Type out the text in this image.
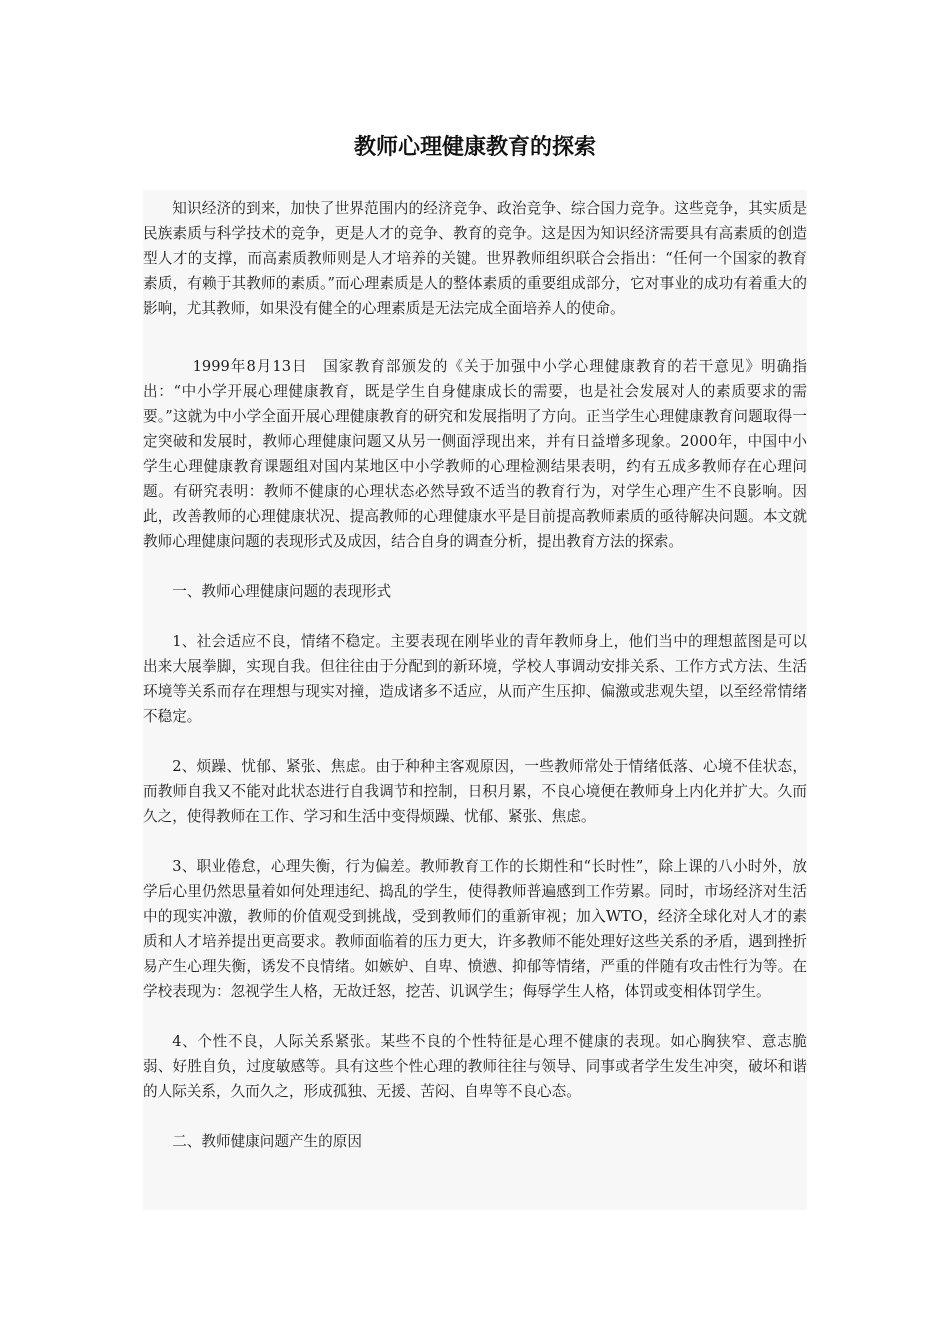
教师心理健康教育的探索

知识经济的到来，加快了世界范围内的经济竞争、政治竞争、综合国力竞争。这些竞争，其实质是民族素质与科学技术的竞争，更是人才的竞争、教育的竞争。这是因为知识经济需要具有高素质的创造型人才的支撑，而高素质教师则是人才培养的关键。世界教师组织联合会指出：“任何一个国家的教育素质，有赖于其教师的素质。”而心理素质是人的整体素质的重要组成部分，它对事业的成功有着重大的影响，尤其教师，如果没有健全的心理素质是无法完成全面培养人的使命。

1999年8月13日　国家教育部颁发的《关于加强中小学心理健康教育的若干意见》明确指出：“中小学开展心理健康教育，既是学生自身健康成长的需要，也是社会发展对人的素质要求的需要。”这就为中小学全面开展心理健康教育的研究和发展指明了方向。正当学生心理健康教育问题取得一定突破和发展时，教师心理健康问题又从另一侧面浮现出来，并有日益增多现象。2000年，中国中小学生心理健康教育课题组对国内某地区中小学教师的心理检测结果表明，约有五成多教师存在心理问题。有研究表明：教师不健康的心理状态必然导致不适当的教育行为，对学生心理产生不良影响。因此，改善教师的心理健康状况、提高教师的心理健康水平是目前提高教师素质的亟待解决问题。本文就教师心理健康问题的表现形式及成因，结合自身的调查分析，提出教育方法的探索。

一、教师心理健康问题的表现形式

1、社会适应不良，情绪不稳定。主要表现在刚毕业的青年教师身上，他们当中的理想蓝图是可以出来大展拳脚，实现自我。但往往由于分配到的新环境，学校人事调动安排关系、工作方式方法、生活环境等关系而存在理想与现实对撞，造成诸多不适应，从而产生压抑、偏激或悲观失望，以至经常情绪不稳定。

2、烦躁、忧郁、紧张、焦虑。由于种种主客观原因，一些教师常处于情绪低落、心境不佳状态，而教师自我又不能对此状态进行自我调节和控制，日积月累，不良心境便在教师身上内化并扩大。久而久之，使得教师在工作、学习和生活中变得烦躁、忧郁、紧张、焦虑。

3、职业倦怠，心理失衡，行为偏差。教师教育工作的长期性和“长时性”，除上课的八小时外，放学后心里仍然思量着如何处理违纪、捣乱的学生，使得教师普遍感到工作劳累。同时，市场经济对生活中的现实冲激，教师的价值观受到挑战，受到教师们的重新审视；加入WTO，经济全球化对人才的素质和人才培养提出更高要求。教师面临着的压力更大，许多教师不能处理好这些关系的矛盾，遇到挫折易产生心理失衡，诱发不良情绪。如嫉妒、自卑、愤懑、抑郁等情绪，严重的伴随有攻击性行为等。在学校表现为：忽视学生人格，无故迁怒，挖苦、讥讽学生；侮辱学生人格，体罚或变相体罚学生。

4、个性不良，人际关系紧张。某些不良的个性特征是心理不健康的表现。如心胸狭窄、意志脆弱、好胜自负，过度敏感等。具有这些个性心理的教师往往与领导、同事或者学生发生冲突，破坏和谐的人际关系，久而久之，形成孤独、无援、苦闷、自卑等不良心态。

二、教师健康问题产生的原因
